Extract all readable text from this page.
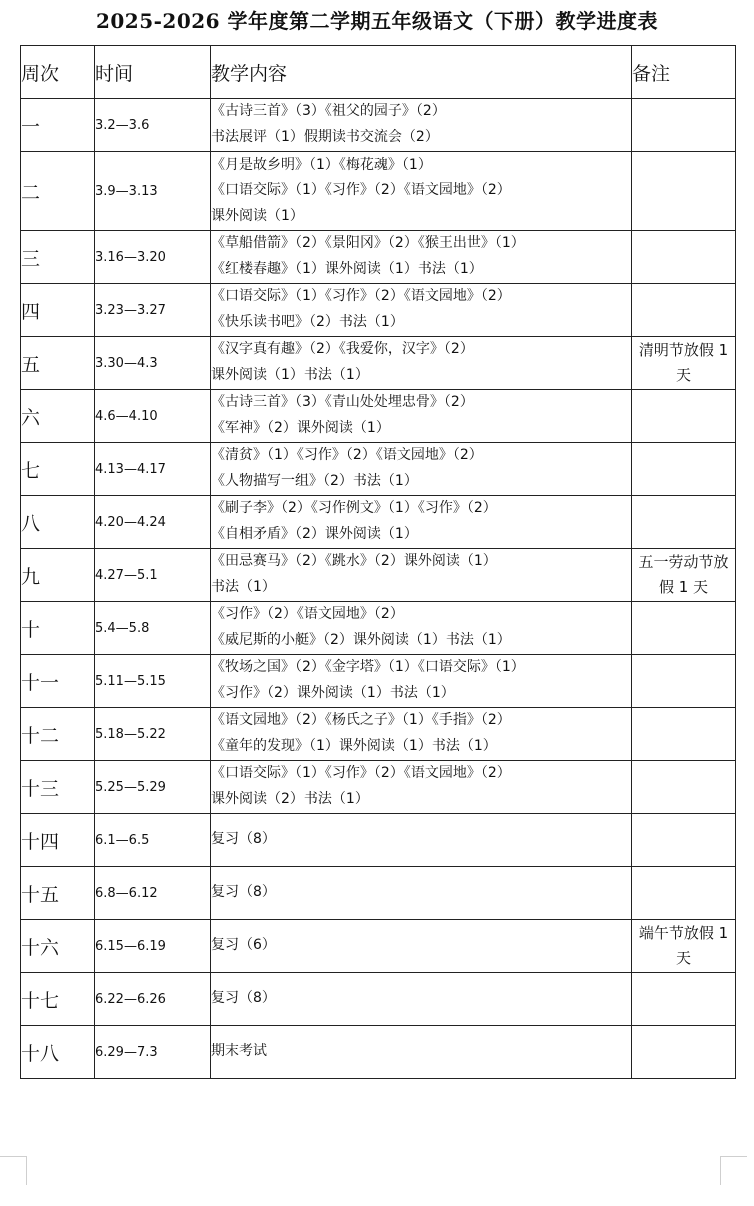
2025-2026 学年度第二学期五年级语文（下册）教学进度表
周次	时间	教学内容	备注
一	3.2—3.6	《古诗三首》（3）《祖父的园子》（2）
书法展评（1）假期读书交流会（2）	

二	3.9—3.13	《月是故乡明》（1）《梅花魂》（1）
《口语交际》（1）《习作》（2）《语文园地》（2）
课外阅读（1）	

三	3.16—3.20	《草船借箭》（2）《景阳冈》（2）《猴王出世》（1）
《红楼春趣》（1）课外阅读（1）书法（1）	

四	3.23—3.27	《口语交际》（1）《习作》（2）《语文园地》（2）
《快乐读书吧》（2）书法（1）	

五	3.30—4.3	《汉字真有趣》（2）《我爱你，汉字》（2）
课外阅读（1）书法（1）	清明节放假 1 天
六	4.6—4.10	《古诗三首》（3）《青山处处埋忠骨》（2）
《军神》（2）课外阅读（1）	

七	4.13—4.17	《清贫》（1）《习作》（2）《语文园地》（2）
《人物描写一组》（2）书法（1）	

八	4.20—4.24	《刷子李》（2）《习作例文》（1）《习作》（2）
《自相矛盾》（2）课外阅读（1）	

九	4.27—5.1	《田忌赛马》（2）《跳水》（2）课外阅读（1）
书法（1）	五一劳动节放假 1 天
十	5.4—5.8	《习作》（2）《语文园地》（2）
《威尼斯的小艇》（2）课外阅读（1）书法（1）	

十一	5.11—5.15	《牧场之国》（2）《金字塔》（1）《口语交际》（1）
《习作》（2）课外阅读（1）书法（1）	

十二	5.18—5.22	《语文园地》（2）《杨氏之子》（1）《手指》（2）
《童年的发现》（1）课外阅读（1）书法（1）	

十三	5.25—5.29	《口语交际》（1）《习作》（2）《语文园地》（2）
课外阅读（2）书法（1）	

十四	6.1—6.5	复习（8）	

十五	6.8—6.12	复习（8）	

十六	6.15—6.19	复习（6）	端午节放假 1 天
十七	6.22—6.26	复习（8）	

十八	6.29—7.3	期末考试	
